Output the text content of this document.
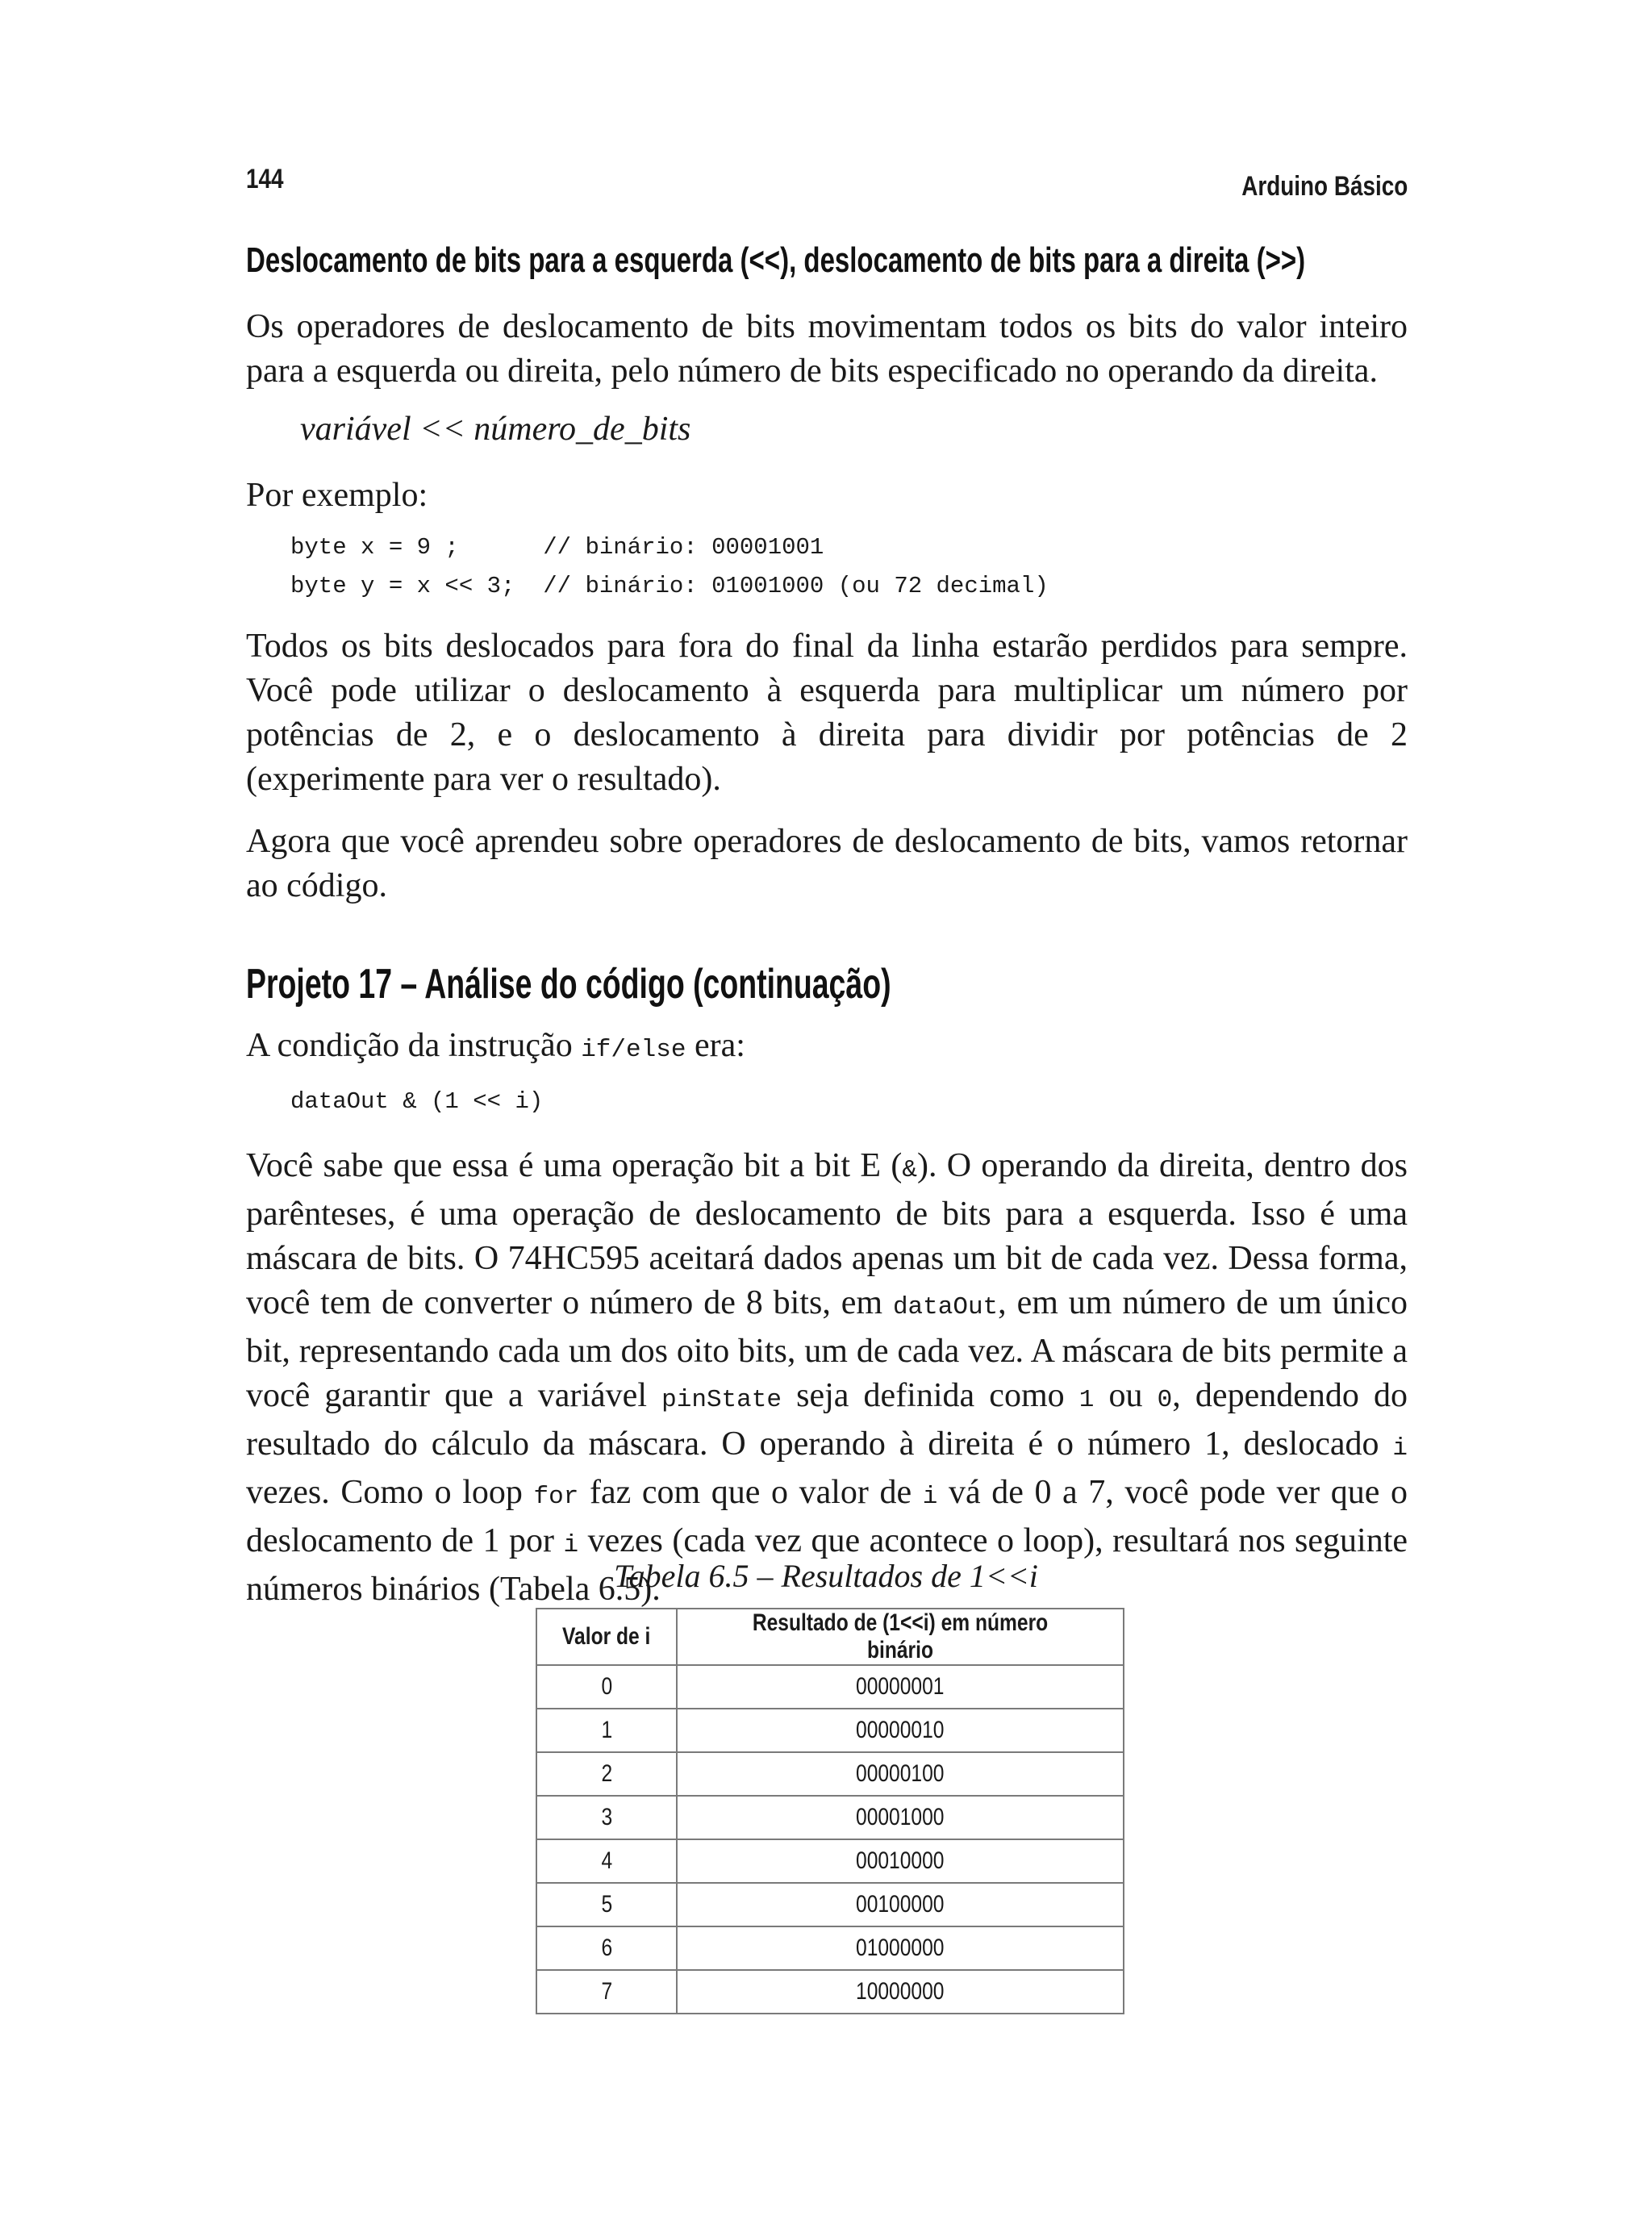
144	Arduino Básico
Deslocamento de bits para a esquerda (<<), deslocamento de bits para a direita (>>)

Os operadores de deslocamento de bits movimentam todos os bits do valor inteiro para a esquerda ou direita, pelo número de bits especificado no operando da direita.

variável << número_de_bits
Por exemplo:
byte x = 9 ;      // binário: 00001001
byte y = x << 3;  // binário: 01001000 (ou 72 decimal)

Todos os bits deslocados para fora do final da linha estarão perdidos para sempre. Você pode utilizar o deslocamento à esquerda para multiplicar um número por potências de 2, e o deslocamento à direita para dividir por potências de 2 (experimente para ver o resultado).

Agora que você aprendeu sobre operadores de deslocamento de bits, vamos retornar ao código.

Projeto 17 – Análise do código (continuação)
A condição da instrução if/else era:
dataOut & (1 << i)

Você sabe que essa é uma operação bit a bit E (&). O operando da direita, dentro dos parênteses, é uma operação de deslocamento de bits para a esquerda. Isso é uma máscara de bits. O 74HC595 aceitará dados apenas um bit de cada vez. Dessa forma, você tem de converter o número de 8 bits, em dataOut, em um número de um único bit, representando cada um dos oito bits, um de cada vez. A máscara de bits permite a você garantir que a variável pinState seja definida como 1 ou 0, dependendo do resultado do cálculo da máscara. O operando à direita é o número 1, deslocado i vezes. Como o loop for faz com que o valor de i vá de 0 a 7, você pode ver que o deslocamento de 1 por i vezes (cada vez que acontece o loop), resultará nos seguinte números binários (Tabela 6.5).

Tabela 6.5 – Resultados de 1<<i
Valor de i	Resultado de (1<<i) em número binário
0	00000001
1	00000010
2	00000100
3	00001000
4	00010000
5	00100000
6	01000000
7	10000000
